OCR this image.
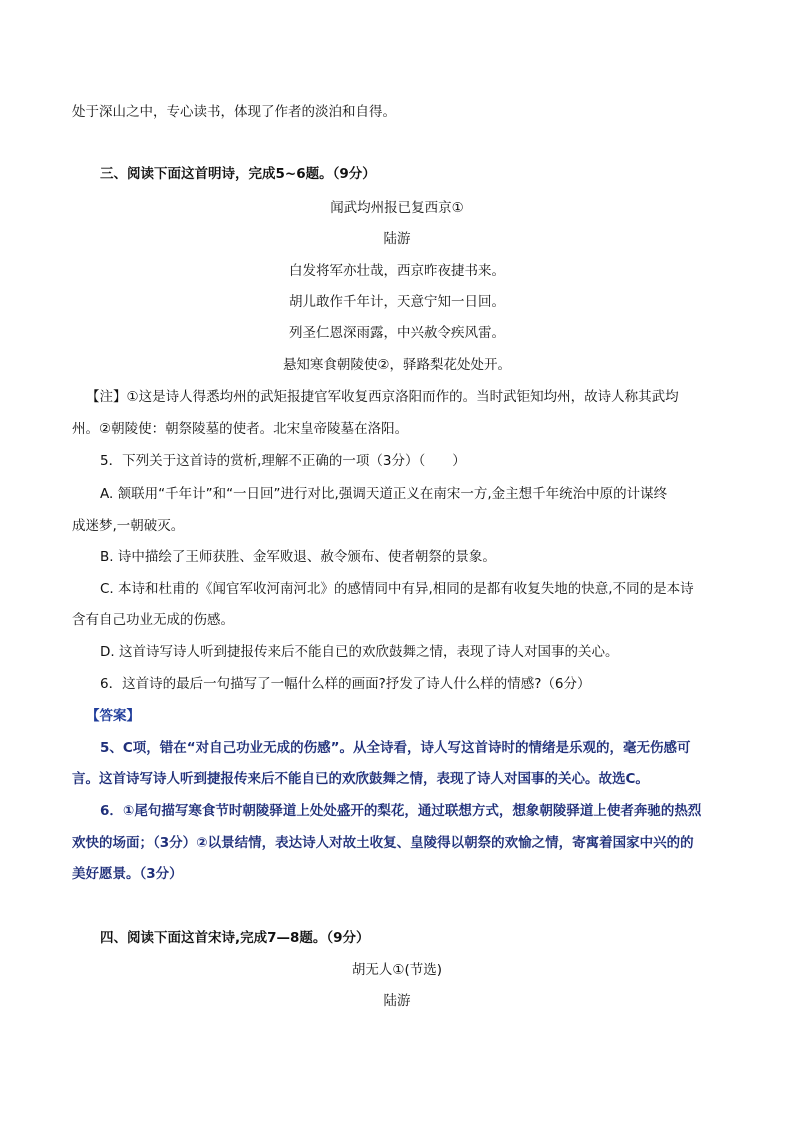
处于深山之中，专心读书，体现了作者的淡泊和自得。
三、阅读下面这首明诗，完成5~6题。（9分）
闻武均州报已复西京①
陆游
白发将军亦壮哉，西京昨夜捷书来。
胡儿敢作千年计，天意宁知一日回。
列圣仁恩深雨露，中兴赦令疾风雷。
悬知寒食朝陵使②，驿路梨花处处开。
【注】①这是诗人得悉均州的武矩报捷官军收复西京洛阳而作的。当时武钜知均州，故诗人称其武均
州。②朝陵使：朝祭陵墓的使者。北宋皇帝陵墓在洛阳。
5．下列关于这首诗的赏析,理解不正确的一项（3分）（　　）
A. 颔联用“千年计”和“一日回”进行对比,强调天道正义在南宋一方,金主想千年统治中原的计谋终
成迷梦,一朝破灭。
B. 诗中描绘了王师获胜、金军败退、赦令颁布、使者朝祭的景象。
C. 本诗和杜甫的《闻官军收河南河北》的感情同中有异,相同的是都有收复失地的快意,不同的是本诗
含有自己功业无成的伤感。
D. 这首诗写诗人听到捷报传来后不能自已的欢欣鼓舞之情，表现了诗人对国事的关心。
6．这首诗的最后一句描写了一幅什么样的画面?抒发了诗人什么样的情感?（6分）
【答案】
5、C项，错在“对自己功业无成的伤感”。从全诗看，诗人写这首诗时的情绪是乐观的，毫无伤感可
言。这首诗写诗人听到捷报传来后不能自已的欢欣鼓舞之情，表现了诗人对国事的关心。故选C。
6．①尾句描写寒食节时朝陵驿道上处处盛开的梨花，通过联想方式，想象朝陵驿道上使者奔驰的热烈
欢快的场面；（3分）②以景结情，表达诗人对故土收复、皇陵得以朝祭的欢愉之情，寄寓着国家中兴的的
美好愿景。（3分）
四、阅读下面这首宋诗,完成7—8题。（9分）
胡无人①(节选)
陆游
